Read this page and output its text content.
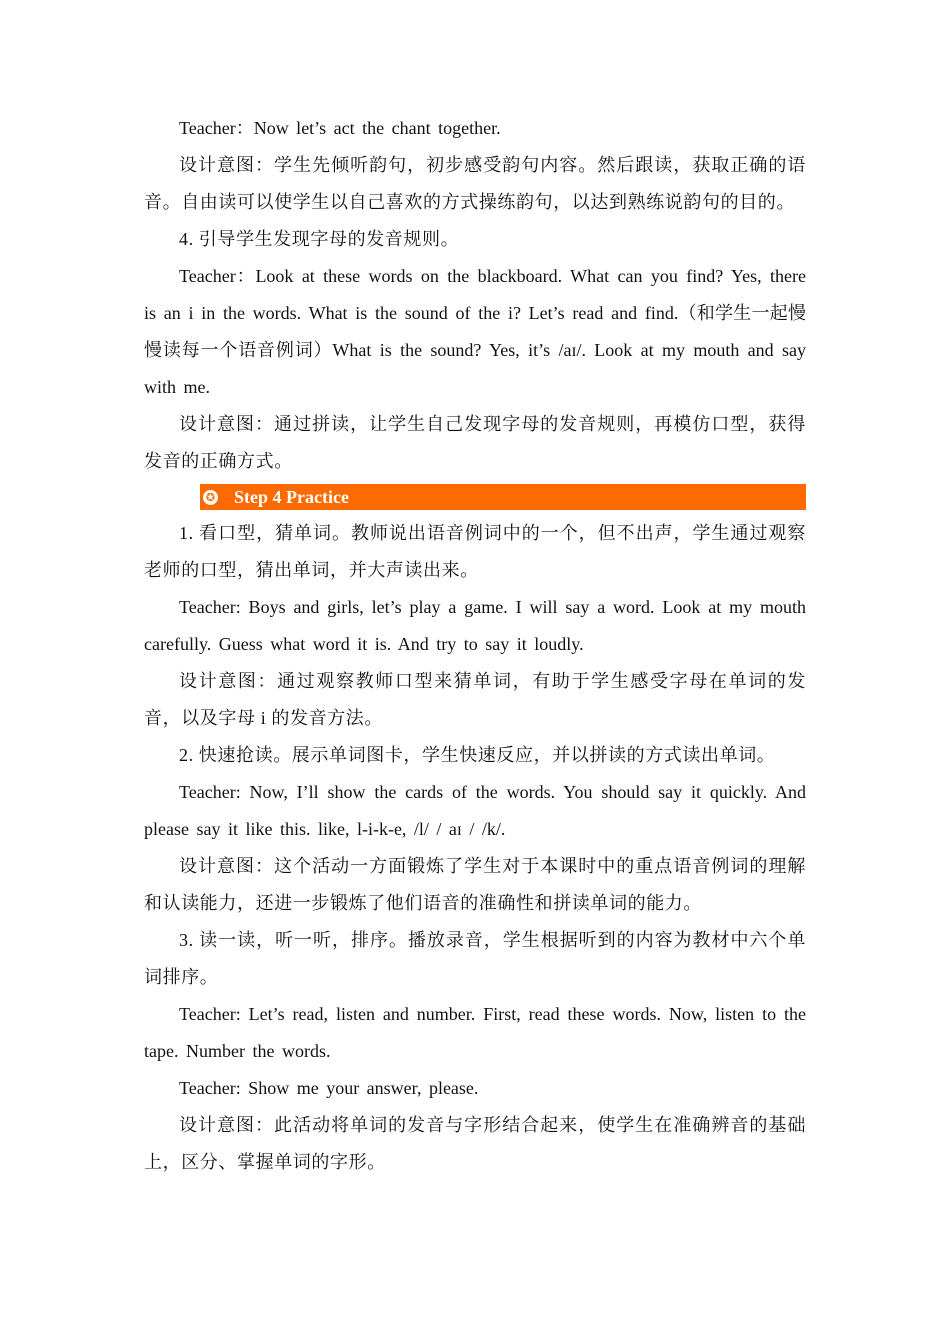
Teacher：Now let’s act the chant together.

设计意图：学生先倾听韵句，初步感受韵句内容。然后跟读，获取正确的语音。自由读可以使学生以自己喜欢的方式操练韵句，以达到熟练说韵句的目的。

4. 引导学生发现字母的发音规则。

Teacher：Look at these words on the blackboard. What can you find? Yes, there is an i in the words. What is the sound of the i? Let’s read and find.（和学生一起慢慢读每一个语音例词）What is the sound? Yes, it’s /aɪ/. Look at my mouth and say with me.

设计意图：通过拼读，让学生自己发现字母的发音规则，再模仿口型，获得发音的正确方式。

✪ Step 4 Practice

1. 看口型，猜单词。教师说出语音例词中的一个，但不出声，学生通过观察老师的口型，猜出单词，并大声读出来。

Teacher: Boys and girls, let’s play a game. I will say a word. Look at my mouth carefully. Guess what word it is. And try to say it loudly.

设计意图：通过观察教师口型来猜单词，有助于学生感受字母在单词的发音，以及字母 i 的发音方法。

2. 快速抢读。展示单词图卡，学生快速反应，并以拼读的方式读出单词。

Teacher: Now, I’ll show the cards of the words. You should say it quickly. And please say it like this. like, l-i-k-e, /l/ / aɪ / /k/.

设计意图：这个活动一方面锻炼了学生对于本课时中的重点语音例词的理解和认读能力，还进一步锻炼了他们语音的准确性和拼读单词的能力。

3. 读一读，听一听，排序。播放录音，学生根据听到的内容为教材中六个单词排序。

Teacher: Let’s read, listen and number. First, read these words. Now, listen to the tape. Number the words.

Teacher: Show me your answer, please.

设计意图：此活动将单词的发音与字形结合起来，使学生在准确辨音的基础上，区分、掌握单词的字形。
